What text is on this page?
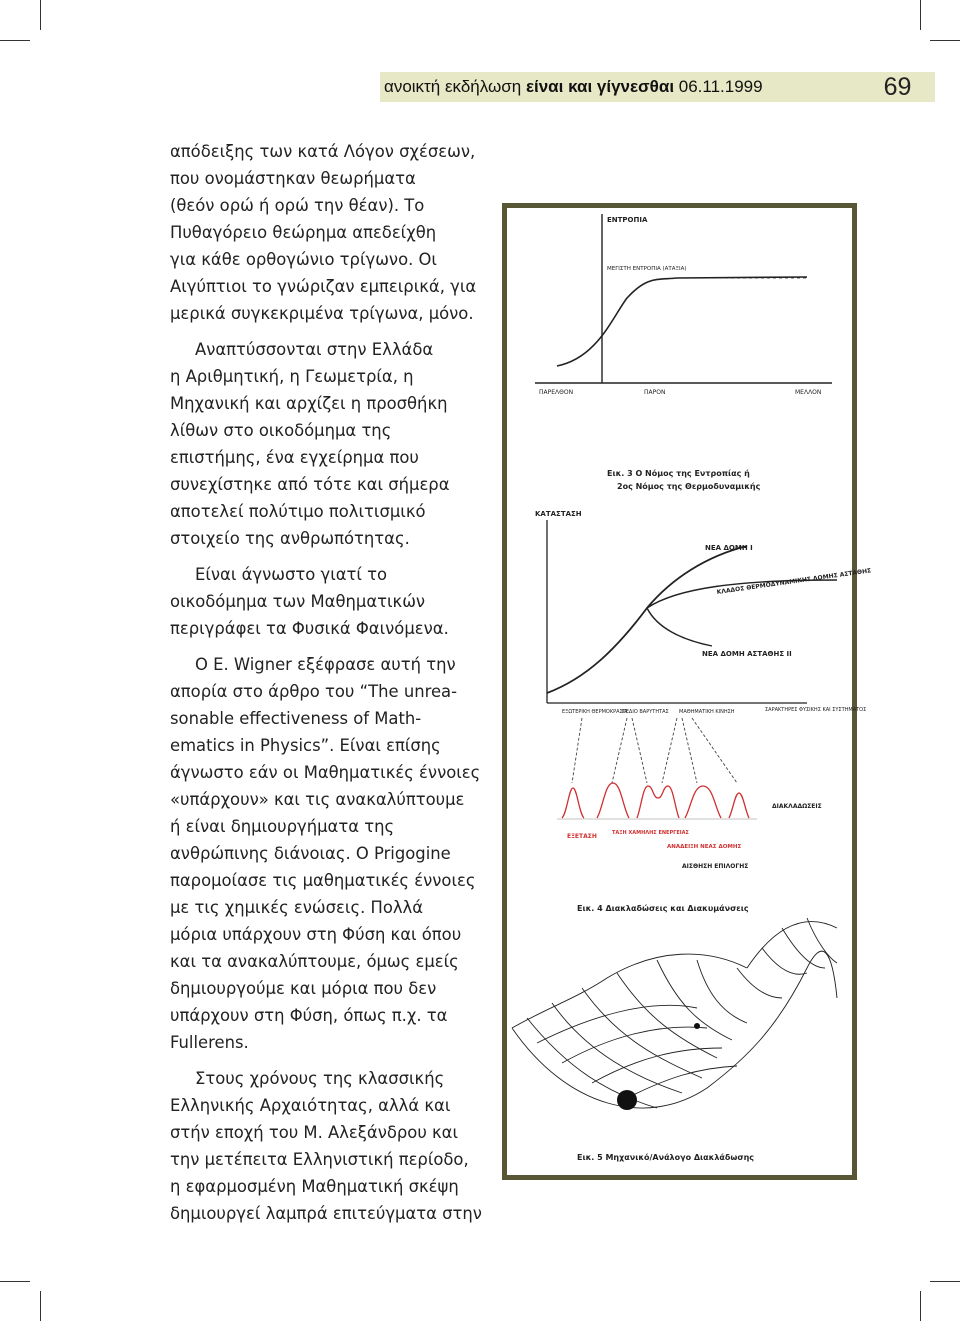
ανοικτή εκδήλωση είναι και γίγνεσθαι 06.11.1999	69

απόδειξης των κατά Λόγον σχέσεων, που ονομάστηκαν θεωρήματα
(θεόν ορώ ή ορώ την θέαν). Το Πυθαγόρειο θεώρημα απεδείχθη
για κάθε ορθογώνιο τρίγωνο. Οι
Αιγύπτιοι το γνώριζαν εμπειρικά, για
μερικά συγκεκριμένα τρίγωνα, μόνο.

Αναπτύσσονται στην Ελλάδα
η Αριθμητική, η Γεωμετρία, η
Μηχανική και αρχίζει η προσθήκη
λίθων στο οικοδόμημα της
επιστήμης, ένα εγχείρημα που
συνεχίστηκε από τότε και σήμερα
αποτελεί πολύτιμο πολιτισμικό
στοιχείο της ανθρωπότητας.

Είναι άγνωστο γιατί το
οικοδόμημα των Μαθηματικών
περιγράφει τα Φυσικά Φαινόμενα.

Ο Ε. Wigner εξέφρασε αυτή την
απορία στο άρθρο του “The unrea-
sonable effectiveness of Math-
ematics in Physics”. Είναι επίσης
άγνωστο εάν οι Μαθηματικές έννοιες
«υπάρχουν» και τις ανακαλύπτουμε
ή είναι δημιουργήματα της
ανθρώπινης διάνοιας. Ο Prigogine
παρομοίασε τις μαθηματικές έννοιες
με τις χημικές ενώσεις. Πολλά
μόρια υπάρχουν στη Φύση και όπου
και τα ανακαλύπτουμε, όμως εμείς
δημιουργούμε και μόρια που δεν
υπάρχουν στη Φύση, όπως π.χ. τα
Fullerens.

Στους χρόνους της κλασσικής
Ελληνικής Αρχαιότητας, αλλά και
στήν εποχή του Μ. Αλεξάνδρου και
την μετέπειτα Ελληνιστική περίοδο,
η εφαρμοσμένη Μαθηματική σκέψη
δημιουργεί λαμπρά επιτεύγματα στην

ΕΝΤΡΟΠΙΑ
ΜΕΓΙΣΤΗ ΕΝΤΡΟΠΙΑ (ΑΤΑΞΙΑ)
ΠΑΡΕΛΘΟΝ	ΠΑΡΟΝ	ΜΕΛΛΟΝ
Εικ. 3 Ο Νόμος της Εντροπίας ή
2ος Νόμος της Θερμοδυναμικής
ΚΑΤΑΣΤΑΣΗ
ΝΕΑ ΔΟΜΗ I
ΚΛΑΔΟΣ ΘΕΡΜΟΔΥΝΑΜΙΚΗΣ ΔΟΜΗΣ ΑΣΤΑΘΗΣ
ΝΕΑ ΔΟΜΗ ΑΣΤΑΘΗΣ II
ΣΑΡΑΚΤΗΡΕΣ ΦΥΣΙΚΗΣ ΚΑΙ ΣΥΣΤΗΜΑΤΟΣ
ΕΞΩΤΕΡΙΚΗ ΘΕΡΜΟΚΡΑΣΙΑ
ΠΕΔΙΟ ΒΑΡΥΤΗΤΑΣ ΜΑΘΗΜΑΤΙΚΗ ΚΙΝΗΣΗ
ΔΙΑΚΛΑΔΩΣΕΙΣ
ΕΞΕΤΑΣΗ	ΤΑΞΗ ΧΑΜΗΛΗΣ ΕΝΕΡΓΕΙΑΣ
ΑΝΑΔΕΙΞΗ ΝΕΑΣ ΔΟΜΗΣ
ΑΙΣΘΗΣΗ ΕΠΙΛΟΓΗΣ
Εικ. 4 Διακλαδώσεις και Διακυμάνσεις
Εικ. 5 Μηχανικό/Ανάλογο Διακλάδωσης
